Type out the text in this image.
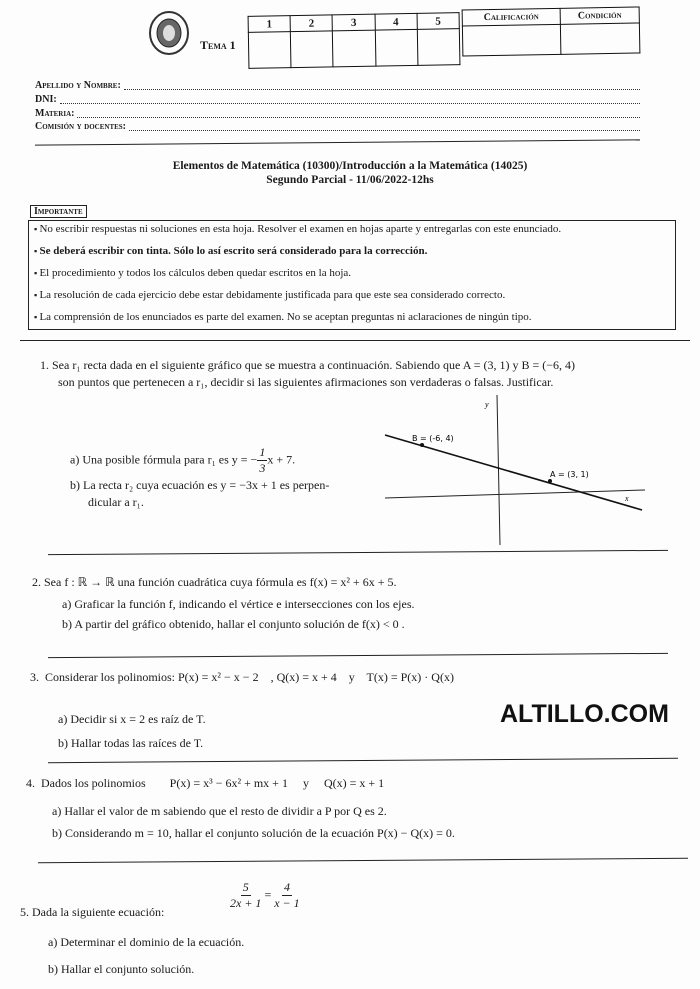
Tema 1
1	2	3	4	5
					Calificación	Condición

Apellido y Nombre:
DNI:
Materia:
Comisión y docentes:
Elementos de Matemática (10300)/Introducción a la Matemática (14025)
Segundo Parcial - 11/06/2022-12hs
Importante
▪ No escribir respuestas ni soluciones en esta hoja. Resolver el examen en hojas aparte y entregarlas con este enunciado.
▪ Se deberá escribir con tinta. Sólo lo así escrito será considerado para la corrección.
▪ El procedimiento y todos los cálculos deben quedar escritos en la hoja.
▪ La resolución de cada ejercicio debe estar debidamente justificada para que este sea considerado correcto.
▪ La comprensión de los enunciados es parte del examen. No se aceptan preguntas ni aclaraciones de ningún tipo.
1. Sea r₁ recta dada en el siguiente gráfico que se muestra a continuación. Sabiendo que A = (3, 1) y B = (−6, 4)
son puntos que pertenecen a r₁, decidir si las siguientes afirmaciones son verdaderas o falsas. Justificar.
a) Una posible fórmula para r₁ es y = − $\frac{1}{3}$ x + 7.
b) La recta r₂ cuya ecuación es y = −3x + 1 es perpen-
dicular a r₁.
B = (-6, 4)
A = (3, 1)
y
x
2. Sea f : ℝ → ℝ una función cuadrática cuya fórmula es f(x) = x² + 6x + 5.
a) Graficar la función f, indicando el vértice e intersecciones con los ejes.
b) A partir del gráfico obtenido, hallar el conjunto solución de f(x) < 0 .
3.  Considerar los polinomios: P(x) = x² − x − 2    , Q(x) = x + 4    y    T(x) = P(x) · Q(x)
a) Decidir si x = 2 es raíz de T.
b) Hallar todas las raíces de T.
ALTILLO.COM
4.  Dados los polinomios        P(x) = x³ − 6x² + mx + 1     y     Q(x) = x + 1
a) Hallar el valor de m sabiendo que el resto de dividir a P por Q es 2.
b) Considerando m = 10, hallar el conjunto solución de la ecuación P(x) − Q(x) = 0.
5. Dada la siguiente ecuación:
$\frac{5}{2x + 1} = \frac{4}{x - 1}$
a) Determinar el dominio de la ecuación.
b) Hallar el conjunto solución.
